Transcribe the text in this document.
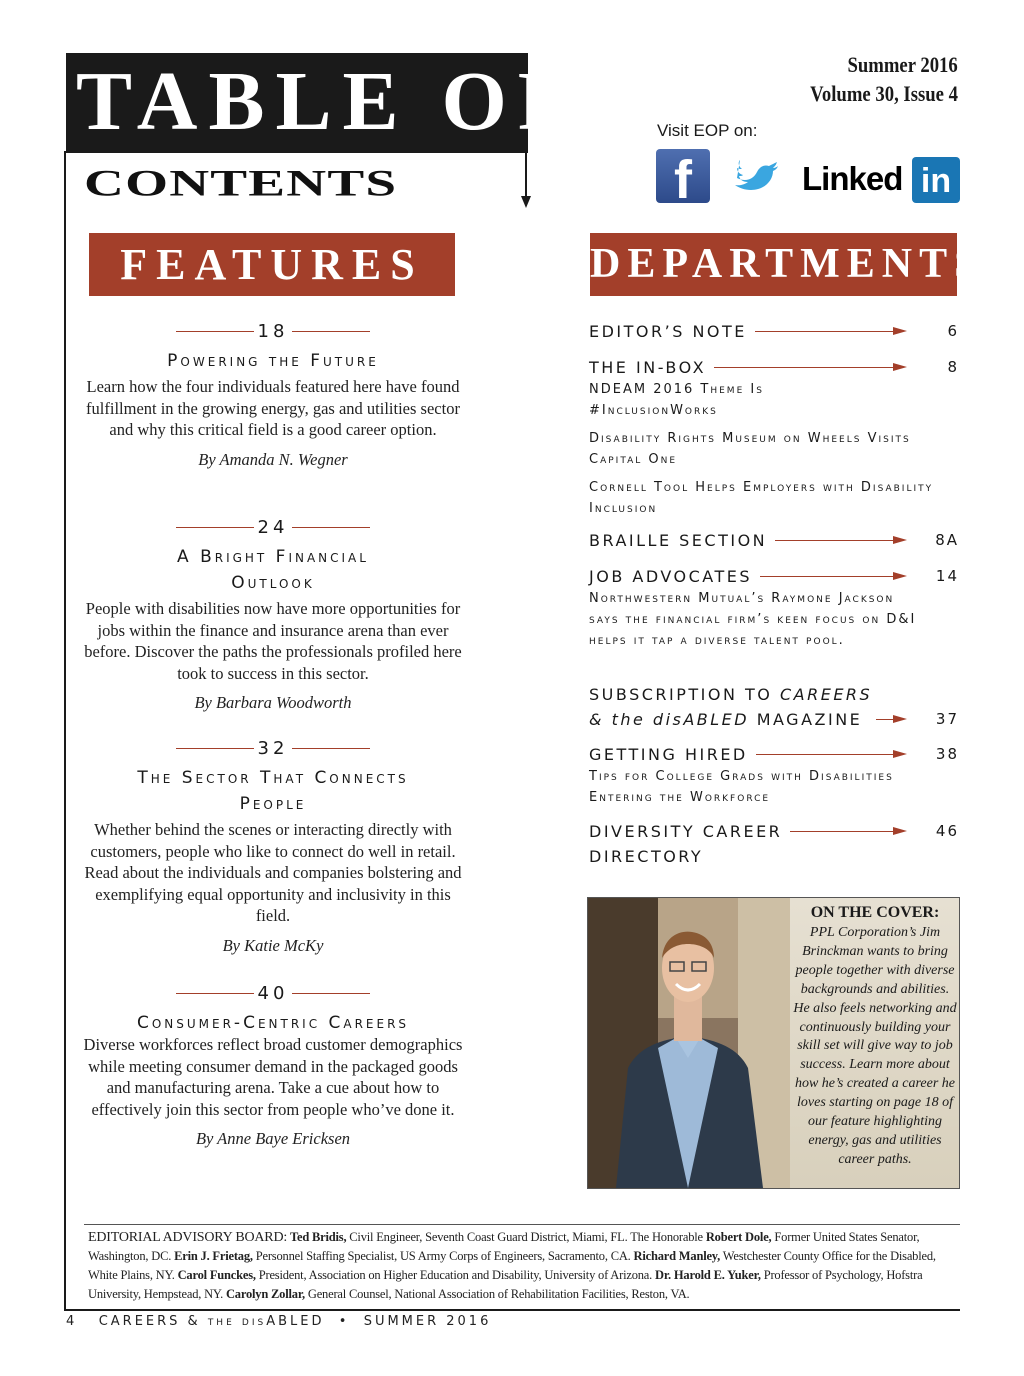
TABLE OF
CONTENTS
Summer 2016
Volume 30, Issue 4
Visit EOP on:
f	Linked in
FEATURES	DEPARTMENTS
18
Powering the Future
Learn how the four individuals featured here have found fulfillment in the growing energy, gas and utilities sector and why this critical field is a good career option.
By Amanda N. Wegner
24
A Bright Financial Outlook
People with disabilities now have more opportunities for jobs within the finance and insurance arena than ever before. Discover the paths the professionals profiled here took to success in this sector.
By Barbara Woodworth
32
The Sector That Connects People
Whether behind the scenes or interacting directly with customers, people who like to connect do well in retail. Read about the individuals and companies bolstering and exemplifying equal opportunity and inclusivity in this field.
By Katie McKy
40
Consumer-Centric Careers
Diverse workforces reflect broad customer demographics while meeting consumer demand in the packaged goods and manufacturing arena. Take a cue about how to effectively join this sector from people who’ve done it.
By Anne Baye Ericksen
EDITOR’S NOTE	6
THE IN-BOX	8
NDEAM 2016 Theme Is #InclusionWorks
Disability Rights Museum on Wheels Visits Capital One
Cornell Tool Helps Employers with Disability Inclusion
BRAILLE SECTION	8A
JOB ADVOCATES	14
Northwestern Mutual’s Raymone Jackson says the financial firm’s keen focus on D&I helps it tap a diverse talent pool.
SUBSCRIPTION TO CAREERS
& the disABLED MAGAZINE	37
GETTING HIRED	38
Tips for College Grads with Disabilities Entering the Workforce
DIVERSITY CAREER	46
DIRECTORY
ON THE COVER:
PPL Corporation’s Jim Brinckman wants to bring people together with diverse backgrounds and abilities. He also feels networking and continuously building your skill set will give way to job success. Learn more about how he’s created a career he loves starting on page 18 of our feature highlighting energy, gas and utilities career paths.
EDITORIAL ADVISORY BOARD: Ted Bridis, Civil Engineer, Seventh Coast Guard District, Miami, FL. The Honorable Robert Dole, Former United States Senator, Washington, DC. Erin J. Frietag, Personnel Staffing Specialist, US Army Corps of Engineers, Sacramento, CA. Richard Manley, Westchester County Office for the Disabled, White Plains, NY. Carol Funckes, President, Association on Higher Education and Disability, University of Arizona. Dr. Harold E. Yuker, Professor of Psychology, Hofstra University, Hempstead, NY. Carolyn Zollar, General Counsel, National Association of Rehabilitation Facilities, Reston, VA.
4 CAREERS & the disABLED • SUMMER 2016
